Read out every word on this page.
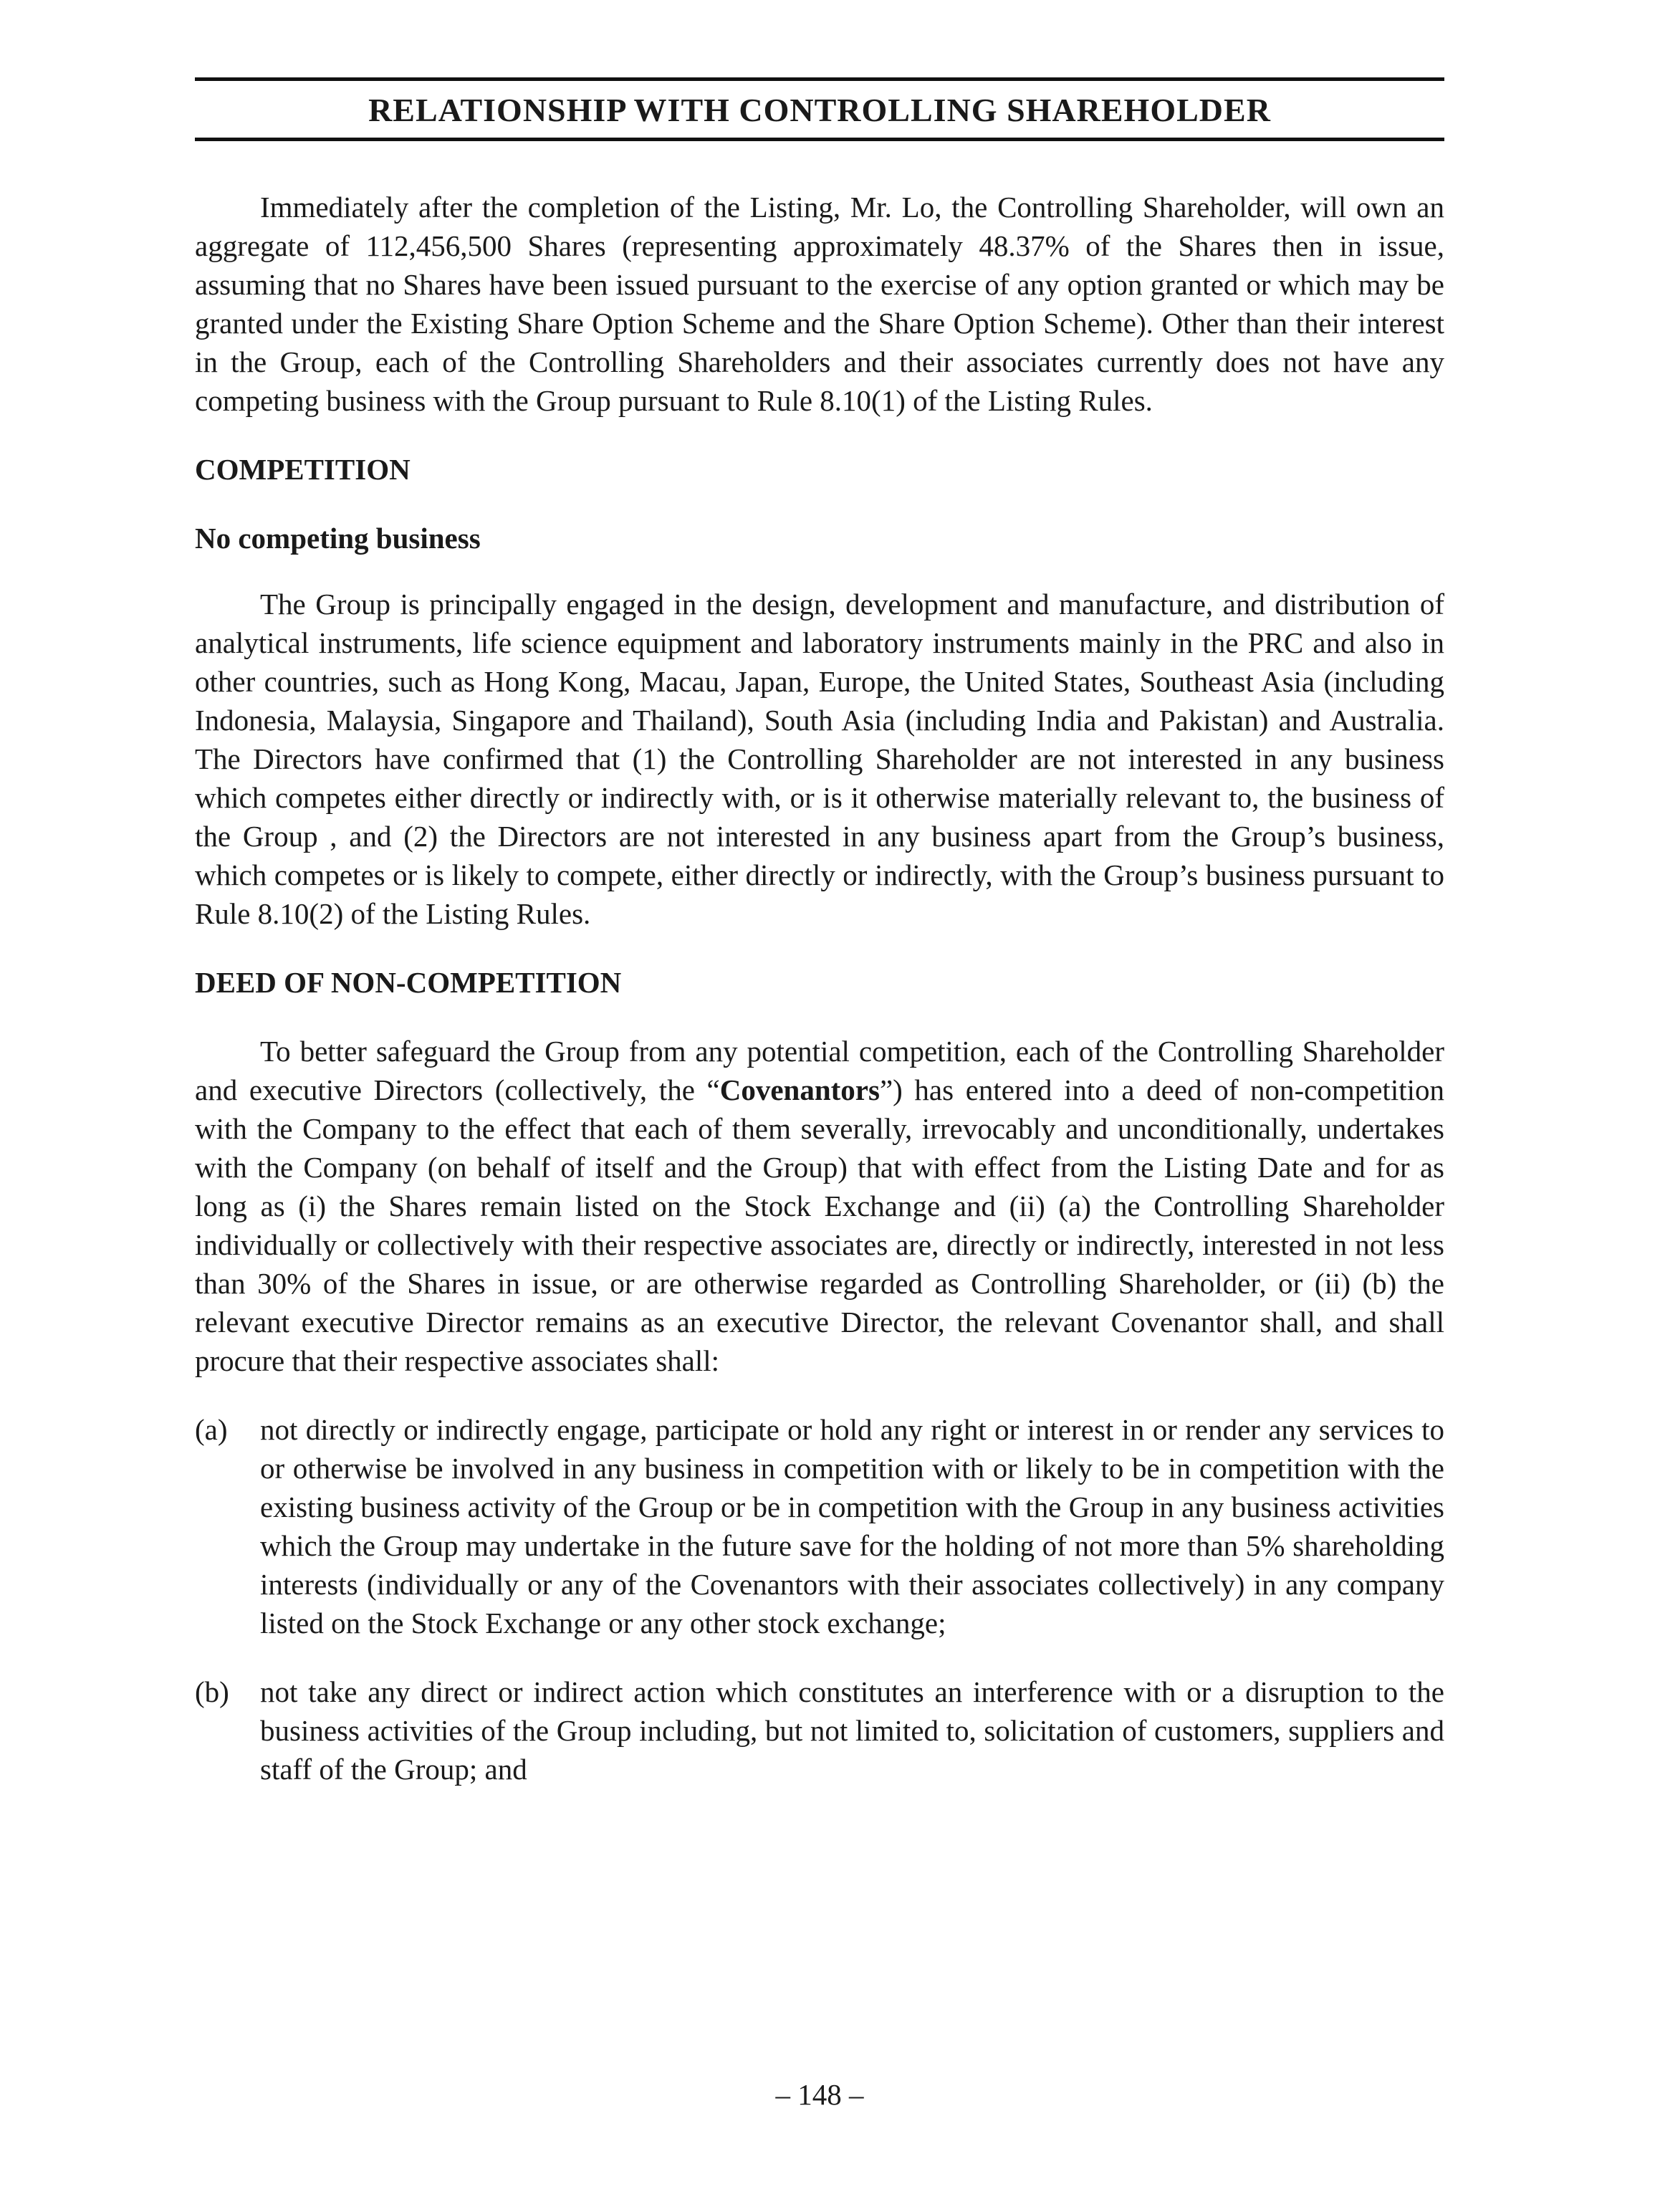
RELATIONSHIP WITH CONTROLLING SHAREHOLDER

Immediately after the completion of the Listing, Mr. Lo, the Controlling Shareholder, will own an aggregate of 112,456,500 Shares (representing approximately 48.37% of the Shares then in issue, assuming that no Shares have been issued pursuant to the exercise of any option granted or which may be granted under the Existing Share Option Scheme and the Share Option Scheme). Other than their interest in the Group, each of the Controlling Shareholders and their associates currently does not have any competing business with the Group pursuant to Rule 8.10(1) of the Listing Rules.

COMPETITION
No competing business

The Group is principally engaged in the design, development and manufacture, and distribution of analytical instruments, life science equipment and laboratory instruments mainly in the PRC and also in other countries, such as Hong Kong, Macau, Japan, Europe, the United States, Southeast Asia (including Indonesia, Malaysia, Singapore and Thailand), South Asia (including India and Pakistan) and Australia. The Directors have confirmed that (1) the Controlling Shareholder are not interested in any business which competes either directly or indirectly with, or is it otherwise materially relevant to, the business of the Group , and (2) the Directors are not interested in any business apart from the Group’s business, which competes or is likely to compete, either directly or indirectly, with the Group’s business pursuant to Rule 8.10(2) of the Listing Rules.

DEED OF NON-COMPETITION

To better safeguard the Group from any potential competition, each of the Controlling Shareholder and executive Directors (collectively, the “Covenantors”) has entered into a deed of non-competition with the Company to the effect that each of them severally, irrevocably and unconditionally, undertakes with the Company (on behalf of itself and the Group) that with effect from the Listing Date and for as long as (i) the Shares remain listed on the Stock Exchange and (ii) (a) the Controlling Shareholder individually or collectively with their respective associates are, directly or indirectly, interested in not less than 30% of the Shares in issue, or are otherwise regarded as Controlling Shareholder, or (ii) (b) the relevant executive Director remains as an executive Director, the relevant Covenantor shall, and shall procure that their respective associates shall:

(a)	not directly or indirectly engage, participate or hold any right or interest in or render any services to or otherwise be involved in any business in competition with or likely to be in competition with the existing business activity of the Group or be in competition with the Group in any business activities which the Group may undertake in the future save for the holding of not more than 5% shareholding interests (individually or any of the Covenantors with their associates collectively) in any company listed on the Stock Exchange or any other stock exchange;
(b)	not take any direct or indirect action which constitutes an interference with or a disruption to the business activities of the Group including, but not limited to, solicitation of customers, suppliers and staff of the Group; and
– 148 –
